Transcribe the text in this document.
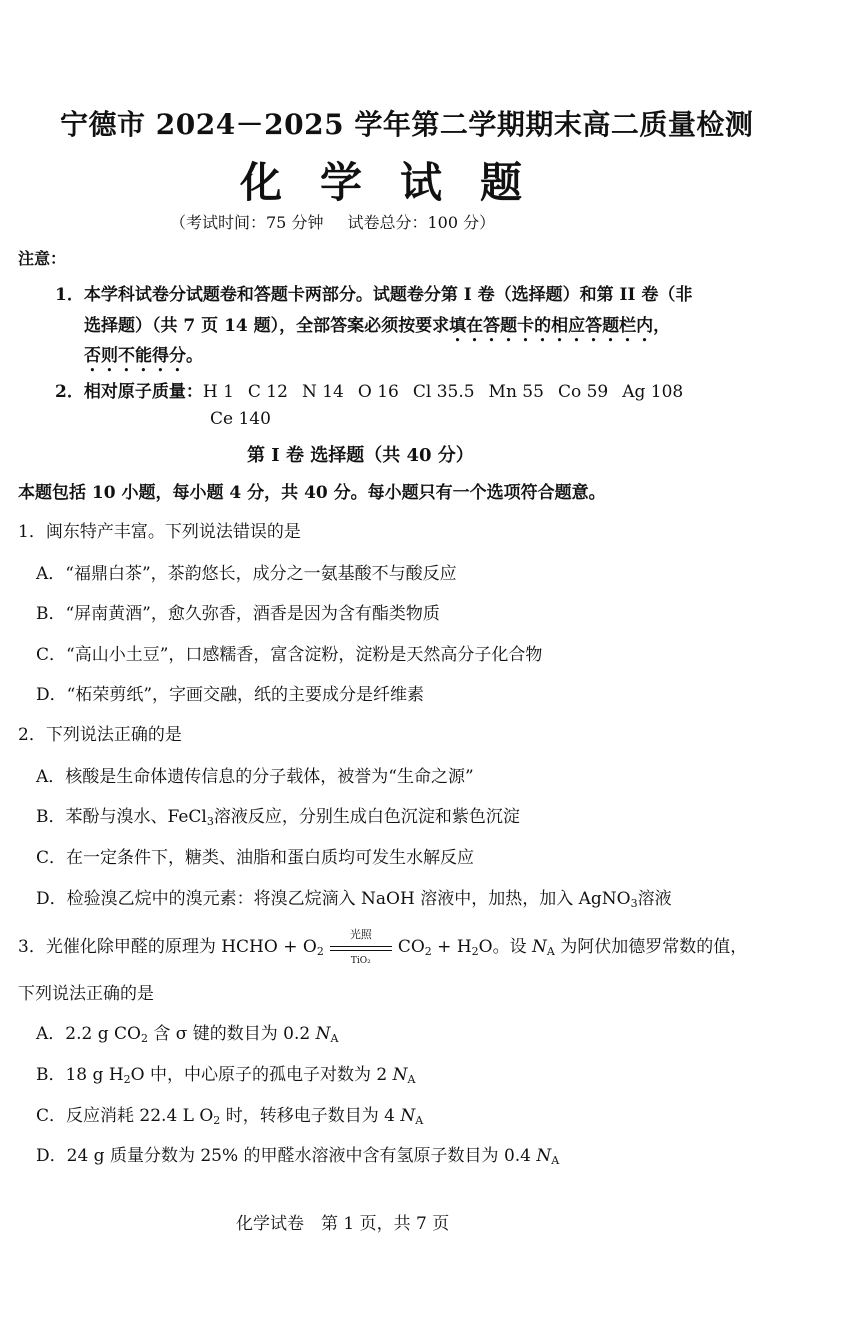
宁德市 2024－2025 学年第二学期期末高二质量检测
化学试题
（考试时间：75 分钟 试卷总分：100 分）
注意：
1．本学科试卷分试题卷和答题卡两部分。试题卷分第 I 卷（选择题）和第 II 卷（非
选择题）（共 7 页 14 题），全部答案必须按要求填在答题卡的相应答题栏内，
否则不能得分。
2．相对原子质量：H 1 C 12 N 14 O 16 Cl 35.5 Mn 55 Co 59 Ag 108
Ce 140
第 I 卷 选择题（共 40 分）
本题包括 10 小题，每小题 4 分，共 40 分。每小题只有一个选项符合题意。
1．闽东特产丰富。下列说法错误的是
A．“福鼎白茶”，茶韵悠长，成分之一氨基酸不与酸反应
B．“屏南黄酒”，愈久弥香，酒香是因为含有酯类物质
C．“高山小土豆”，口感糯香，富含淀粉，淀粉是天然高分子化合物
D．“柘荣剪纸”，字画交融，纸的主要成分是纤维素
2．下列说法正确的是
A．核酸是生命体遗传信息的分子载体，被誉为“生命之源”
B．苯酚与溴水、FeCl$_3$溶液反应，分别生成白色沉淀和紫色沉淀
C．在一定条件下，糖类、油脂和蛋白质均可发生水解反应
D．检验溴乙烷中的溴元素：将溴乙烷滴入 NaOH 溶液中，加热，加入 AgNO$_3$溶液
3．光催化除甲醛的原理为 HCHO + $O_2$
光照
TiO₂
$CO_2 + H_2O$。设 $N_A$ 为阿伏加德罗常数的值，
下列说法正确的是
A．2.2 g $CO_2$ 含 σ 键的数目为 0.2 $N_A$
B．18 g $H_2O$ 中，中心原子的孤电子对数为 2 $N_A$
C．反应消耗 22.4 L $O_2$ 时，转移电子数目为 4 $N_A$
D．24 g 质量分数为 25% 的甲醛水溶液中含有氢原子数目为 0.4 $N_A$
化学试卷　第 1 页，共 7 页
